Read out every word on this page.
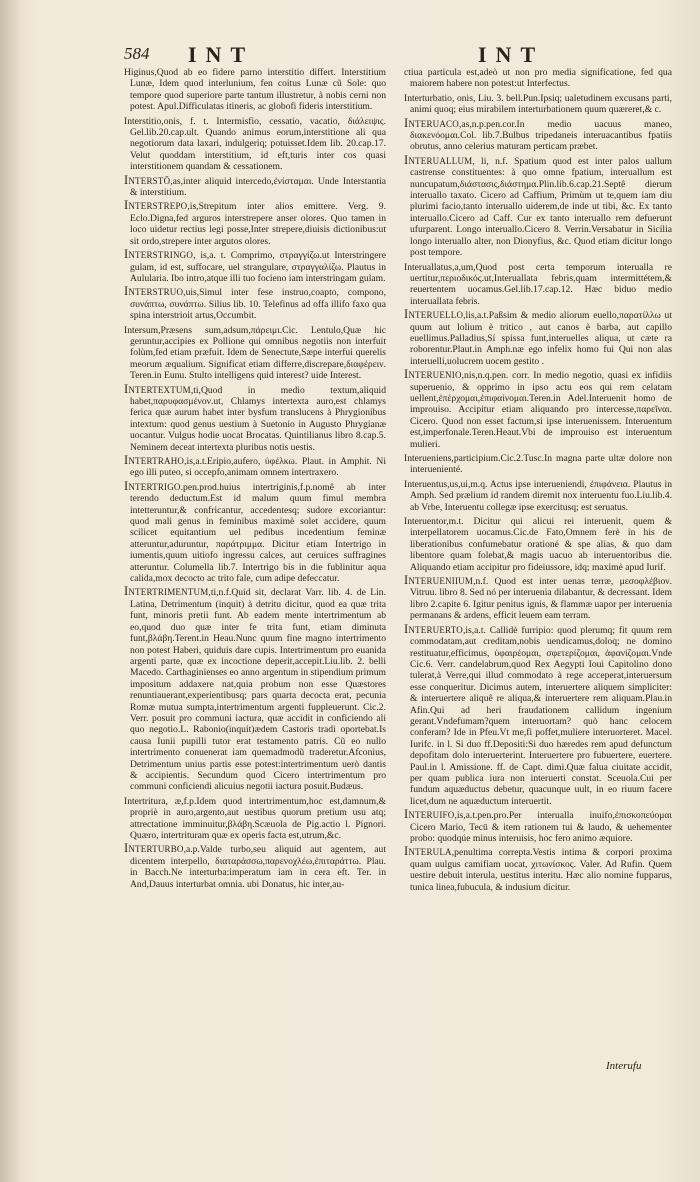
584 INT	INT

Higinus,Quod ab eo fidere parno interstitio differt. Interstitium Lunæ, Idem quod interlunium, fen coitus Lunæ cũ Sole: quo tempore quod superiore parte tantum illustretur, à nobis cerni non potest. Apul.Difficulatas itineris, ac globofi fideris interstitium.

Interstitio,onis, f. t. Intermisfio, cessatio, vacatio, διάλειψις. Gel.lib.20.cap.ult. Quando animus eorum,interstitione ali qua negotiorum data laxari, indulgeriq; potuisset.Idem lib. 20.cap.17. Velut quoddam interstitium, id eft,turis inter cos quasi interstitionem quandam & cessationem.

Interstō,as,inter aliquid intercedo,ἐνίσταμαι. Unde Interstantia & interstitium.

Interstrepo,is,Strepitum inter alios emittere. Verg. 9. Eclo.Digna,fed arguros interstrepere anser olores. Quo tamen in loco uidetur rectius legi posse,Inter strepere,diuisis dictionibus:ut sit ordo,strepere inter argutos olores.

Interstringo, is,a. t. Comprimo, στραγγίζω.ut Interstringere gulam, id est, suffocare, uel strangulare, στραγγαλίζω. Plautus in Aulularia. Ibo intro,atque illi tuo focieno iam interstringam gulam.

Interstruo,uis,Simul inter fese instruo,coapto, compono, συνάπτω, συνάπτω. Silius lib. 10. Telefinus ad offa illifo faxo qua spina interstrioit artus,Occumbit.

Intersum,Præsens sum,adsum,πάρειμι.Cic. Lentulo,Quæ hic geruntur,accipies ex Pollione qui omnibus negotiis non interfuit folùm,fed etiam præfuit. Idem de Senectute,Sæpe interfui querelis meorum æqualium. Significat etiam differre,discrepare,διαφέρειν. Teren.in Eunu. Stulto intelligens quid interest? uide Interest.

Intertextum,ti,Quod in medio textum,aliquid habet,παρυφασμένον.ut, Chlamys intertexta auro,est chlamys ferica quæ aurum habet inter bysfum translucens à Phrygionibus intextum: quod genus uestium à Suetonio in Augusto Phrygianæ uocantur. Vulgus hodie uocat Brocatas. Quintilianus libro 8.cap.5. Neminem deceat intertexta pluribus notis uestis.

Intertraho,is,a.t.Eripio,aufero, ὑφέλκω. Plaut. in Amphit. Ni ego illi puteo, si occepfo,animam omnem intertraxero.

Intertrigo.pen.prod.huius intertriginis,f.p.nomê ab inter terendo deductum.Est id malum quum fimul membra intetteruntur,& confricantur, accedentesq; sudore excoriantur: quod mali genus in feminibus maximè solet accidere, quum scilicet equitantium uel pedibus incedentium feminæ atteruntur,aduruntur, παράτριμμα. Dicitur etiam Intertrigo in iumentis,quum uitiofo ingressu calces, aut ceruices suffragines atteruntur. Columella lib.7. Intertrigo bis in die fublinitur aqua calida,mox decocto ac trito fale, cum adipe defeccatur.

Intertrimentum,ti,n.f.Quid sit, declarat Varr. lib. 4. de Lin. Latina, Detrimentum (inquit) à detritu dicitur, quod ea quæ trita funt, minoris pretii funt. Ab eadem mente intertrimentum ab eo,quod duo quæ inter fe trita funt, etiam diminuta funt,βλάβη.Terent.in Heau.Nunc quum fine magno intertrimento non potest Haberi, quiduis dare cupis. Intertrimentum pro euanida argenti parte, quæ ex incoctione deperit,accepit.Liu.lib. 2. belli Macedo. Carthaginienses eo anno argentum in stipendium primum impositum addaxere nat,quia probum non esse Quæstores renuntiauerant,experientibusq; pars quarta decocta erat, pecunia Romæ mutua sumpta,intertrimentum argenti fuppleuerunt. Cic.2. Verr. posuit pro communi iactura, quæ accidit in conficiendo ali quo negotio.L. Rabonio(inquit)ædem Castoris tradi oportebat.Is causa Iunii pupilli tutor erat testamento patris. Cũ eo nullo intertrimento conuenerat iam quemadmodũ traderetur.Afconius, Detrimentum unius partis esse potest:intertrimentum uerò dantis & accipientis. Secundum quod Cicero intertrimentum pro communi conficiendi alicuius negotii iactura posuit.Budæus.

Intertritura, æ,f.p.Idem quod intertrimentum,hoc est,damnum,& propriè in auro,argento,aut uestibus quorum pretium usu atq; attrectatione imminuitur,βλάβη.Scæuola de Pig.actio l. Pignori. Quæro, intertrituram quæ ex operis facta est,utrum,&c.

Interturbo,a.p.Valde turbo,seu aliquid aut agentem, aut dicentem interpello, διαταράσσω,παρενοχλέω,ἐπιταράττω. Plau. in Bacch.Ne interturba:imperatum iam in cera eft. Ter. in And,Dauus interturbat omnia. ubi Donatus, hic inter,au-

ctiua particula est,adeò ut non pro media significatione, fed qua maiorem habere non potest:ut Interfectus.

Interturbatio, onis, Liu. 3. bell.Pun.Ipsiq; ualetudinem excusans parti, animi quoq; eius mirabilem interturbationem quum quæreret,& c.

Interuaco,as,n.p.pen.cor.In medio uacuus maneo, διακενόομαι.Col. lib.7.Bulbus tripedaneis interuacantibus fpatiis obrutus, anno celerius maturam perticam præbet.

Interuallum, li, n.f. Spatium quod est inter palos uallum castrense constituentes: à quo omne fpatium, interuallum est nuncupatum,διάστασις,διάστημα.Plin.lib.6.cap.21.Septê dierum interuallo taxato. Cicero ad Caffium, Primùm ut te,quem iam diu plurimi facio,tanto interuallo uiderem,de inde ut tibi, &c. Ex tanto interuallo.Cicero ad Caff. Cur ex tanto interuallo rem defuerunt ufurparent. Longo interuallo.Cicero 8. Verrin.Versabatur in Sicilia longo interuallo alter, non Dionyfius, &c. Quod etiam dicitur longo post tempore.

Interuallatus,a,um,Quod post certa temporum interualla re uertitur,περιοδικός.ut,Interuallata febris,quam intermittétem,& reuertentem uocamus.Gel.lib.17.cap.12. Hæc biduo medio interuallata febris.

Interuello,lis,a.t.Paßsim & medio aliorum euello,παρατίλλω ut quum aut lolium è tritico , aut canos è barba, aut capillo euellimus.Palladius,Sí spissa funt,interuelles aliqua, ut cæte ra roborentur.Plaut.in Amph.næ ego infelix homo fui Qui non alas interuelli,uolucrem uocem gestito .

Interuenio,nis,n.q.pen. corr. In medio negotio, quasi ex infidiis superuenio, & opprimo in ipso actu eos qui rem celatam uellent,ἐπέρχομαι,ἐπιφαίνομαι.Teren.in Adel.Interuenit homo de improuiso. Accipitur etiam aliquando pro intercesse,παρεῖναι. Cicero. Quod non esset factum,si ipse interuenissem. Interuentum est,imperfonale.Teren.Heaut.Vbi de improuiso est interuentum mulieri.

Interueniens,participium.Cic.2.Tusc.In magna parte ultæ dolore non interuenienté.

Interuentus,us,ui,m.q. Actus ipse interueniendi, ἐπιφάνεια. Plautus in Amph. Sed prælium id randem diremit nox interuentu fuo.Liu.lib.4. ab Vrbe, Interuentu collegæ ipse exercitusq; est seruatus.

Interuentor,m.t. Dicitur qui alicui rei interuenit, quem & interpellatorem uocamus.Cic.de Fato,Omnem ferè in his de liberationibus confumebatur orationé & spe alias, & quo dam libentore quam folebat,& magis uacuo ab interuentoribus die. Aliquando etiam accipitur pro fideiussore, idq; maximè apud Iurif.

Interueniium,n.f. Quod est inter uenas terræ, μεσοφλέβιον. Vitruu. libro 8. Sed nó per interuenia dilabantur, & decressant. Idem libro 2.capite 6. Igitur penitus ignis, & flammæ uapor per interuenia permanans & ardens, efficit leuem eam terram.

Interuerto,is,a.t. Callidè furripio: quod plerumq; fit quum rem commodatam,aut creditam,nobis uendicamus,doloq; ne domino restituatur,efficimus, ὑφαιρέομαι, σφετερίζομαι, ἀφανίζομαι.Vnde Cic.6. Verr. candelabrum,quod Rex Aegypti Ioui Capitolino dono tulerat,à Verre,qui illud commodato à rege acceperat,interuersum esse conqueritur. Dicimus autem, interuertere aliquem simpliciter: & interuertere aliquê re aliqua,& interuertere rem aliquam.Plau.in Afin.Qui ad heri fraudationem callidum ingenium gerant.Vndefumam?quem interuortam? quò hanc celocem conferam? Ide in Pfeu.Vt me,fi poffet,muliere interuorteret. Macel. Iurifc. in l. Si duo ff.Depositi:Si duo hæredes rem apud defunctum depofitam dolo interuerterint. Interuertere pro fubuertere, euertere. Paul.in l. Amissione. ff. de Capt. dimi.Quæ falua ciuitate accidit, per quam publica iura non interuerti constat. Sceuola.Cui per fundum aquæductus debetur, quacunque uult, in eo riuum facere licet,dum ne aquæductum interuertit.

Interuifo,is,a.t.pen.pro.Per interualla inuifo,ἐπισκοπεύομαι Cicero Mario, Tecū & item rationem tui & laudo, & uehementer probo: quodqúe minus interuisis, hoc fero animo æquiore.

Interula,penultima correpta.Vestis intima & corpori proxima quam uulgus camifiam uocat, χιτωνίσκος. Valer. Ad Rufin. Quem uestire debuit interula, uestitus interitu. Hæc alio nomine fupparus, tunica linea,fubucula, & indusium dicitur.

Interufu
